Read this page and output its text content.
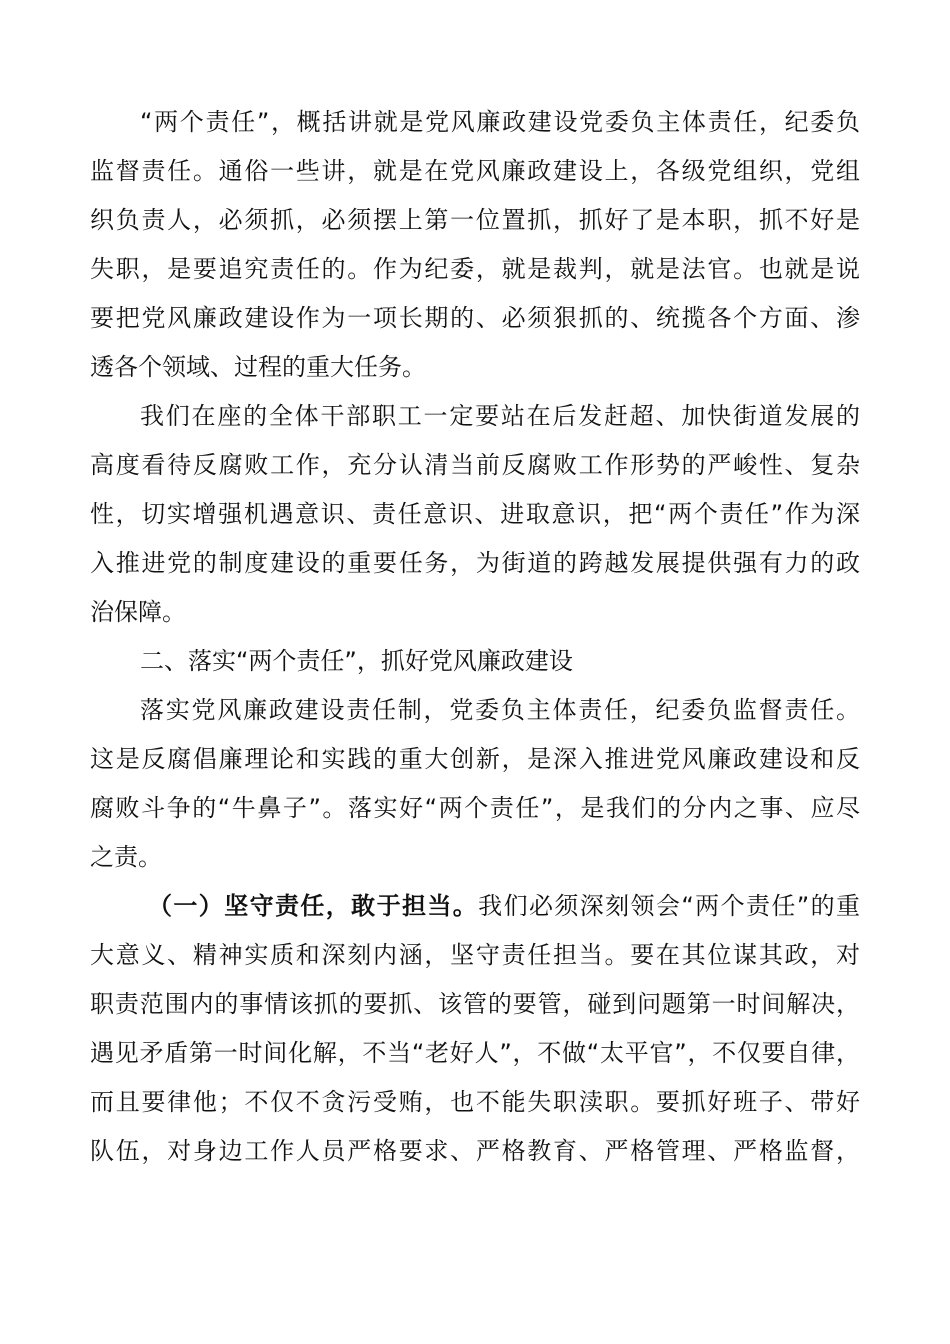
“两个责任”，概括讲就是党风廉政建设党委负主体责任，纪委负
监督责任。通俗一些讲，就是在党风廉政建设上，各级党组织，党组
织负责人，必须抓，必须摆上第一位置抓，抓好了是本职，抓不好是
失职，是要追究责任的。作为纪委，就是裁判，就是法官。也就是说
要把党风廉政建设作为一项长期的、必须狠抓的、统揽各个方面、渗
透各个领域、过程的重大任务。
我们在座的全体干部职工一定要站在后发赶超、加快街道发展的
高度看待反腐败工作，充分认清当前反腐败工作形势的严峻性、复杂
性，切实增强机遇意识、责任意识、进取意识，把“两个责任”作为深
入推进党的制度建设的重要任务，为街道的跨越发展提供强有力的政
治保障。
二、落实“两个责任”，抓好党风廉政建设
落实党风廉政建设责任制，党委负主体责任，纪委负监督责任。
这是反腐倡廉理论和实践的重大创新，是深入推进党风廉政建设和反
腐败斗争的“牛鼻子”。落实好“两个责任”，是我们的分内之事、应尽
之责。
（一）坚守责任，敢于担当。我们必须深刻领会“两个责任”的重
大意义、精神实质和深刻内涵，坚守责任担当。要在其位谋其政，对
职责范围内的事情该抓的要抓、该管的要管，碰到问题第一时间解决，
遇见矛盾第一时间化解，不当“老好人”，不做“太平官”，不仅要自律，
而且要律他；不仅不贪污受贿，也不能失职渎职。要抓好班子、带好
队伍，对身边工作人员严格要求、严格教育、严格管理、严格监督，
